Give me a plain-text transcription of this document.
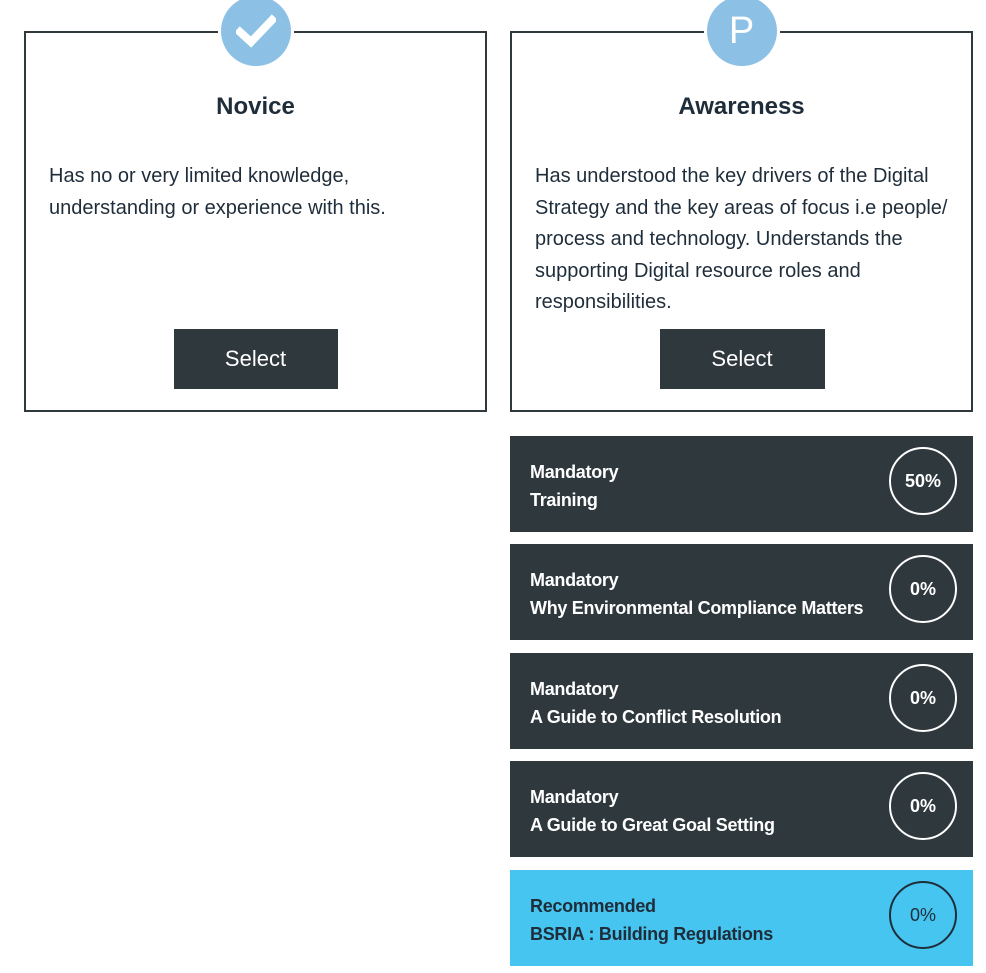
Novice
Has no or very limited knowledge, understanding or experience with this.
Select
P
Awareness
Has understood the key drivers of the Digital Strategy and the key areas of focus i.e people/ process and technology. Understands the supporting Digital resource roles and responsibilities.
Select
Mandatory
Training
50%
Mandatory
Why Environmental Compliance Matters
0%
Mandatory
A Guide to Conflict Resolution
0%
Mandatory
A Guide to Great Goal Setting
0%
Recommended
BSRIA : Building Regulations
0%
